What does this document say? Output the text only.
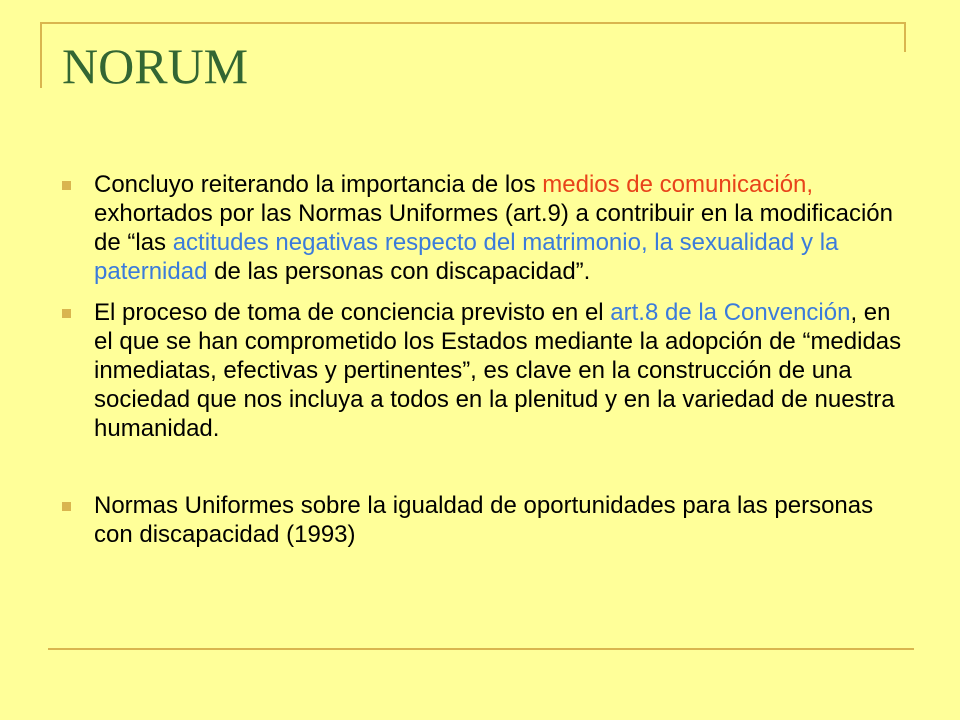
NORUM
Concluyo reiterando la importancia de los medios de comunicación, exhortados por las Normas Uniformes (art.9) a contribuir en la modificación de “las actitudes negativas respecto del matrimonio, la sexualidad y la paternidad de las personas con discapacidad”.
El proceso de toma de conciencia previsto en el art.8 de la Convención, en el que se han comprometido los Estados mediante la adopción de “medidas inmediatas, efectivas y pertinentes”, es clave en la construcción de una sociedad que nos incluya a todos en la plenitud y en la variedad de nuestra humanidad.
Normas Uniformes sobre la igualdad de oportunidades para las personas con discapacidad (1993)
